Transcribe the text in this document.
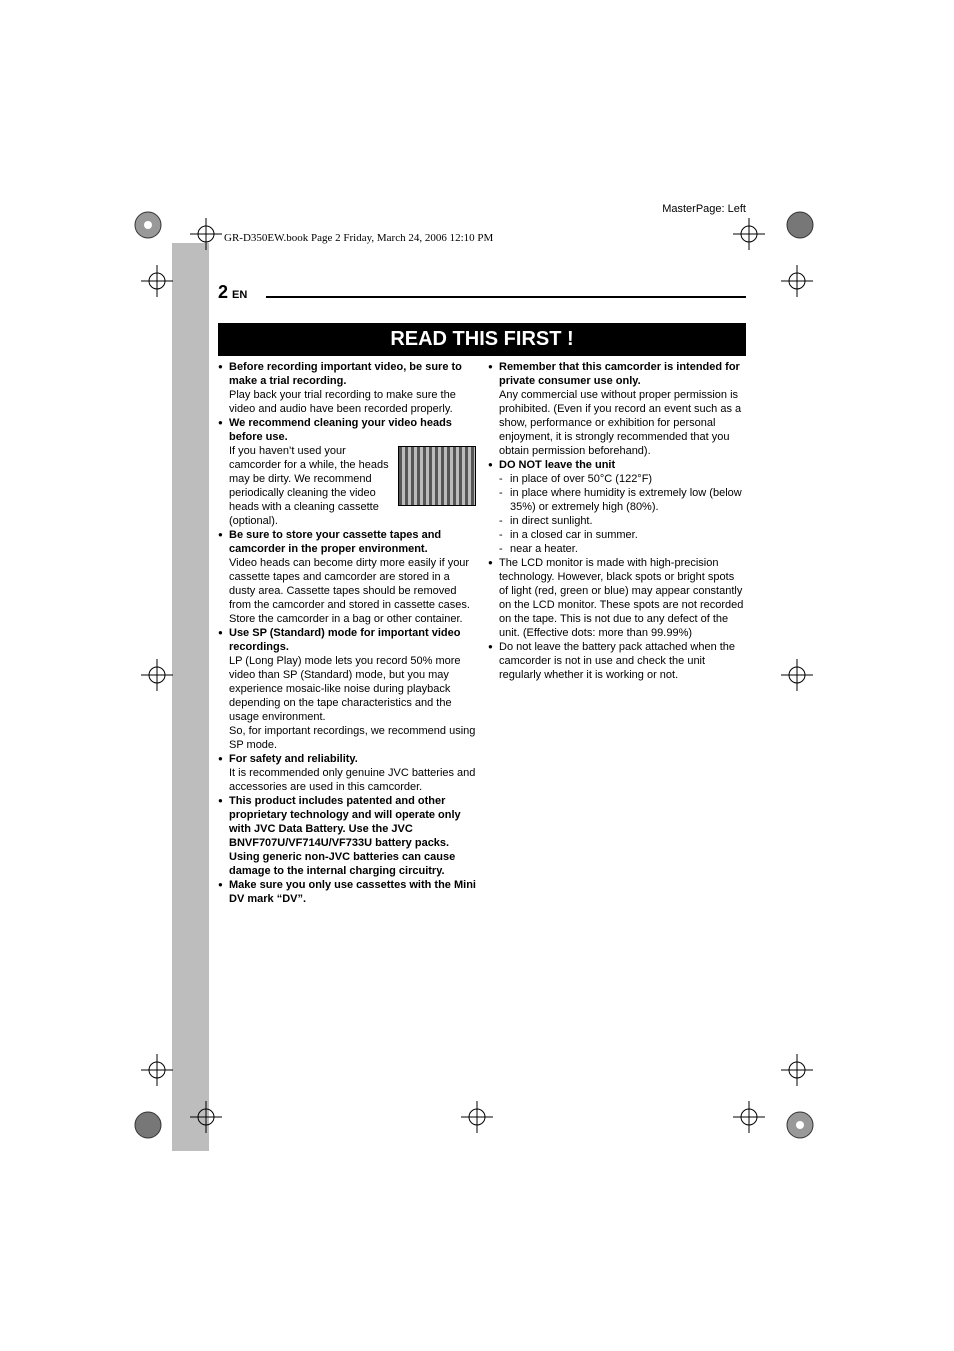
MasterPage: Left
GR-D350EW.book Page 2 Friday, March 24, 2006 12:10 PM
2 EN
READ THIS FIRST !
● Before recording important video, be sure to make a trial recording.

Play back your trial recording to make sure the video and audio have been recorded properly.

● We recommend cleaning your video heads before use.

If you haven’t used your camcorder for a while, the heads may be dirty. We recommend periodically cleaning the video heads with a cleaning cassette (optional).

● Be sure to store your cassette tapes and camcorder in the proper environment.

Video heads can become dirty more easily if your cassette tapes and camcorder are stored in a dusty area. Cassette tapes should be removed from the camcorder and stored in cassette cases. Store the camcorder in a bag or other container.

● Use SP (Standard) mode for important video recordings.

LP (Long Play) mode lets you record 50% more video than SP (Standard) mode, but you may experience mosaic-like noise during playback depending on the tape characteristics and the usage environment.

So, for important recordings, we recommend using SP mode.

● For safety and reliability.

It is recommended only genuine JVC batteries and accessories are used in this camcorder.

● This product includes patented and other proprietary technology and will operate only with JVC Data Battery. Use the JVC BNVF707U/VF714U/VF733U battery packs. Using generic non-JVC batteries can cause damage to the internal charging circuitry.
● Make sure you only use cassettes with the Mini DV mark “DV”.
● Remember that this camcorder is intended for private consumer use only.

Any commercial use without proper permission is prohibited. (Even if you record an event such as a show, performance or exhibition for personal enjoyment, it is strongly recommended that you obtain permission beforehand).

● DO NOT leave the unit
- in place of over 50°C (122°F)
- in place where humidity is extremely low (below 35%) or extremely high (80%).
- in direct sunlight.
- in a closed car in summer.
- near a heater.

● The LCD monitor is made with high-precision technology. However, black spots or bright spots of light (red, green or blue) may appear constantly on the LCD monitor. These spots are not recorded on the tape. This is not due to any defect of the unit. (Effective dots: more than 99.99%)

● Do not leave the battery pack attached when the camcorder is not in use and check the unit regularly whether it is working or not.
